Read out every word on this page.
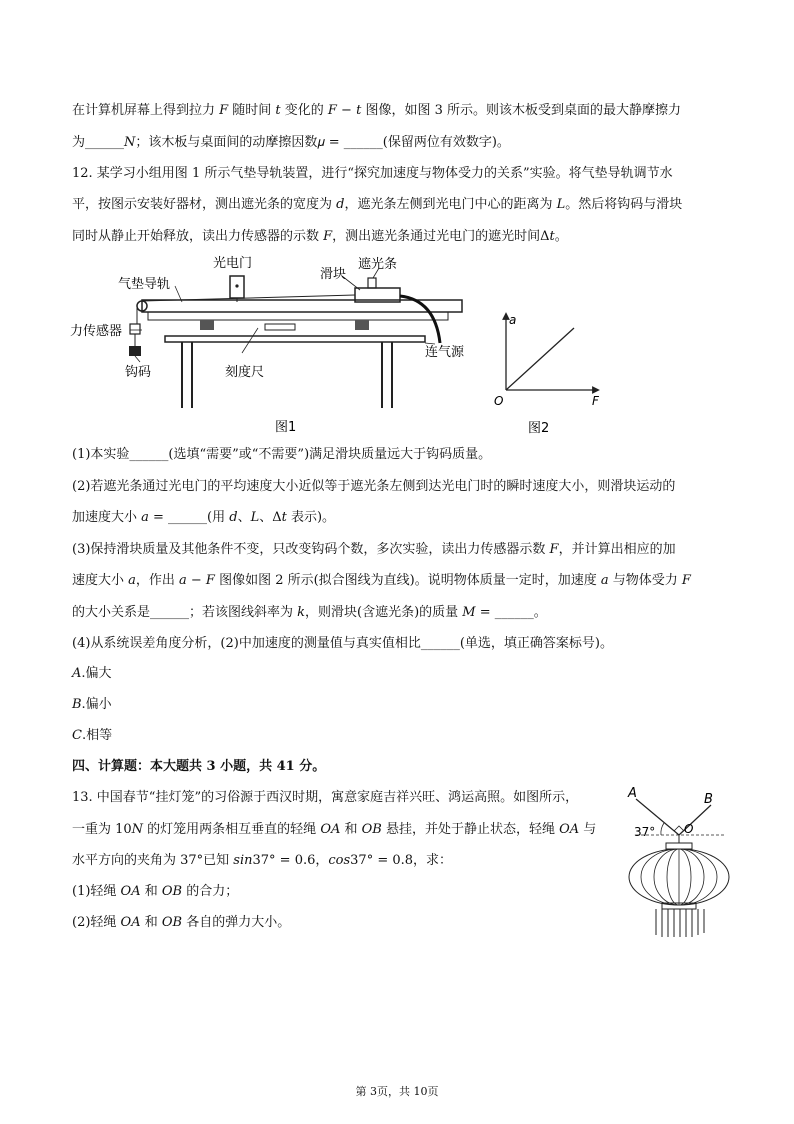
在计算机屏幕上得到拉力 𝐹 随时间 𝑡 变化的 𝐹 − 𝑡 图像，如图 3 所示。则该木板受到桌面的最大静摩擦力
为______𝑁；该木板与桌面间的动摩擦因数𝜇 = ______(保留两位有效数字)。
12. 某学习小组用图 1 所示气垫导轨装置，进行“探究加速度与物体受力的关系”实验。将气垫导轨调节水
平，按图示安装好器材，测出遮光条的宽度为 𝑑，遮光条左侧到光电门中心的距离为 𝐿。然后将钩码与滑块
同时从静止开始释放，读出力传感器的示数 𝐹，测出遮光条通过光电门的遮光时间Δ𝑡。
光电门
气垫导轨
滑块
遮光条
力传感器
钩码	刻度尺
连气源
图1
a
F
O
图2
(1)本实验______(选填“需要”或“不需要”)满足滑块质量远大于钩码质量。
(2)若遮光条通过光电门的平均速度大小近似等于遮光条左侧到达光电门时的瞬时速度大小，则滑块运动的
加速度大小 𝑎 = ______(用 𝑑、𝐿、Δ𝑡 表示)。
(3)保持滑块质量及其他条件不变，只改变钩码个数，多次实验，读出力传感器示数 𝐹，并计算出相应的加
速度大小 𝑎，作出 𝑎 − 𝐹 图像如图 2 所示(拟合图线为直线)。说明物体质量一定时，加速度 𝑎 与物体受力 𝐹
的大小关系是______；若该图线斜率为 𝑘，则滑块(含遮光条)的质量 𝑀 = ______。
(4)从系统误差角度分析，(2)中加速度的测量值与真实值相比______(单选，填正确答案标号)。
𝐴.偏大
𝐵.偏小
𝐶.相等
四、计算题：本大题共 3 小题，共 41 分。
13. 中国春节“挂灯笼”的习俗源于西汉时期，寓意家庭吉祥兴旺、鸿运高照。如图所示，
一重为 10𝑁 的灯笼用两条相互垂直的轻绳 𝑂𝐴 和 𝑂𝐵 悬挂，并处于静止状态，轻绳 𝑂𝐴 与
水平方向的夹角为 37°已知 𝑠𝑖𝑛37° = 0.6，𝑐𝑜𝑠37° = 0.8，求：
(1)轻绳 𝑂𝐴 和 𝑂𝐵 的合力；
(2)轻绳 𝑂𝐴 和 𝑂𝐵 各自的弹力大小。
A	B
O
37°
第 3页，共 10页
